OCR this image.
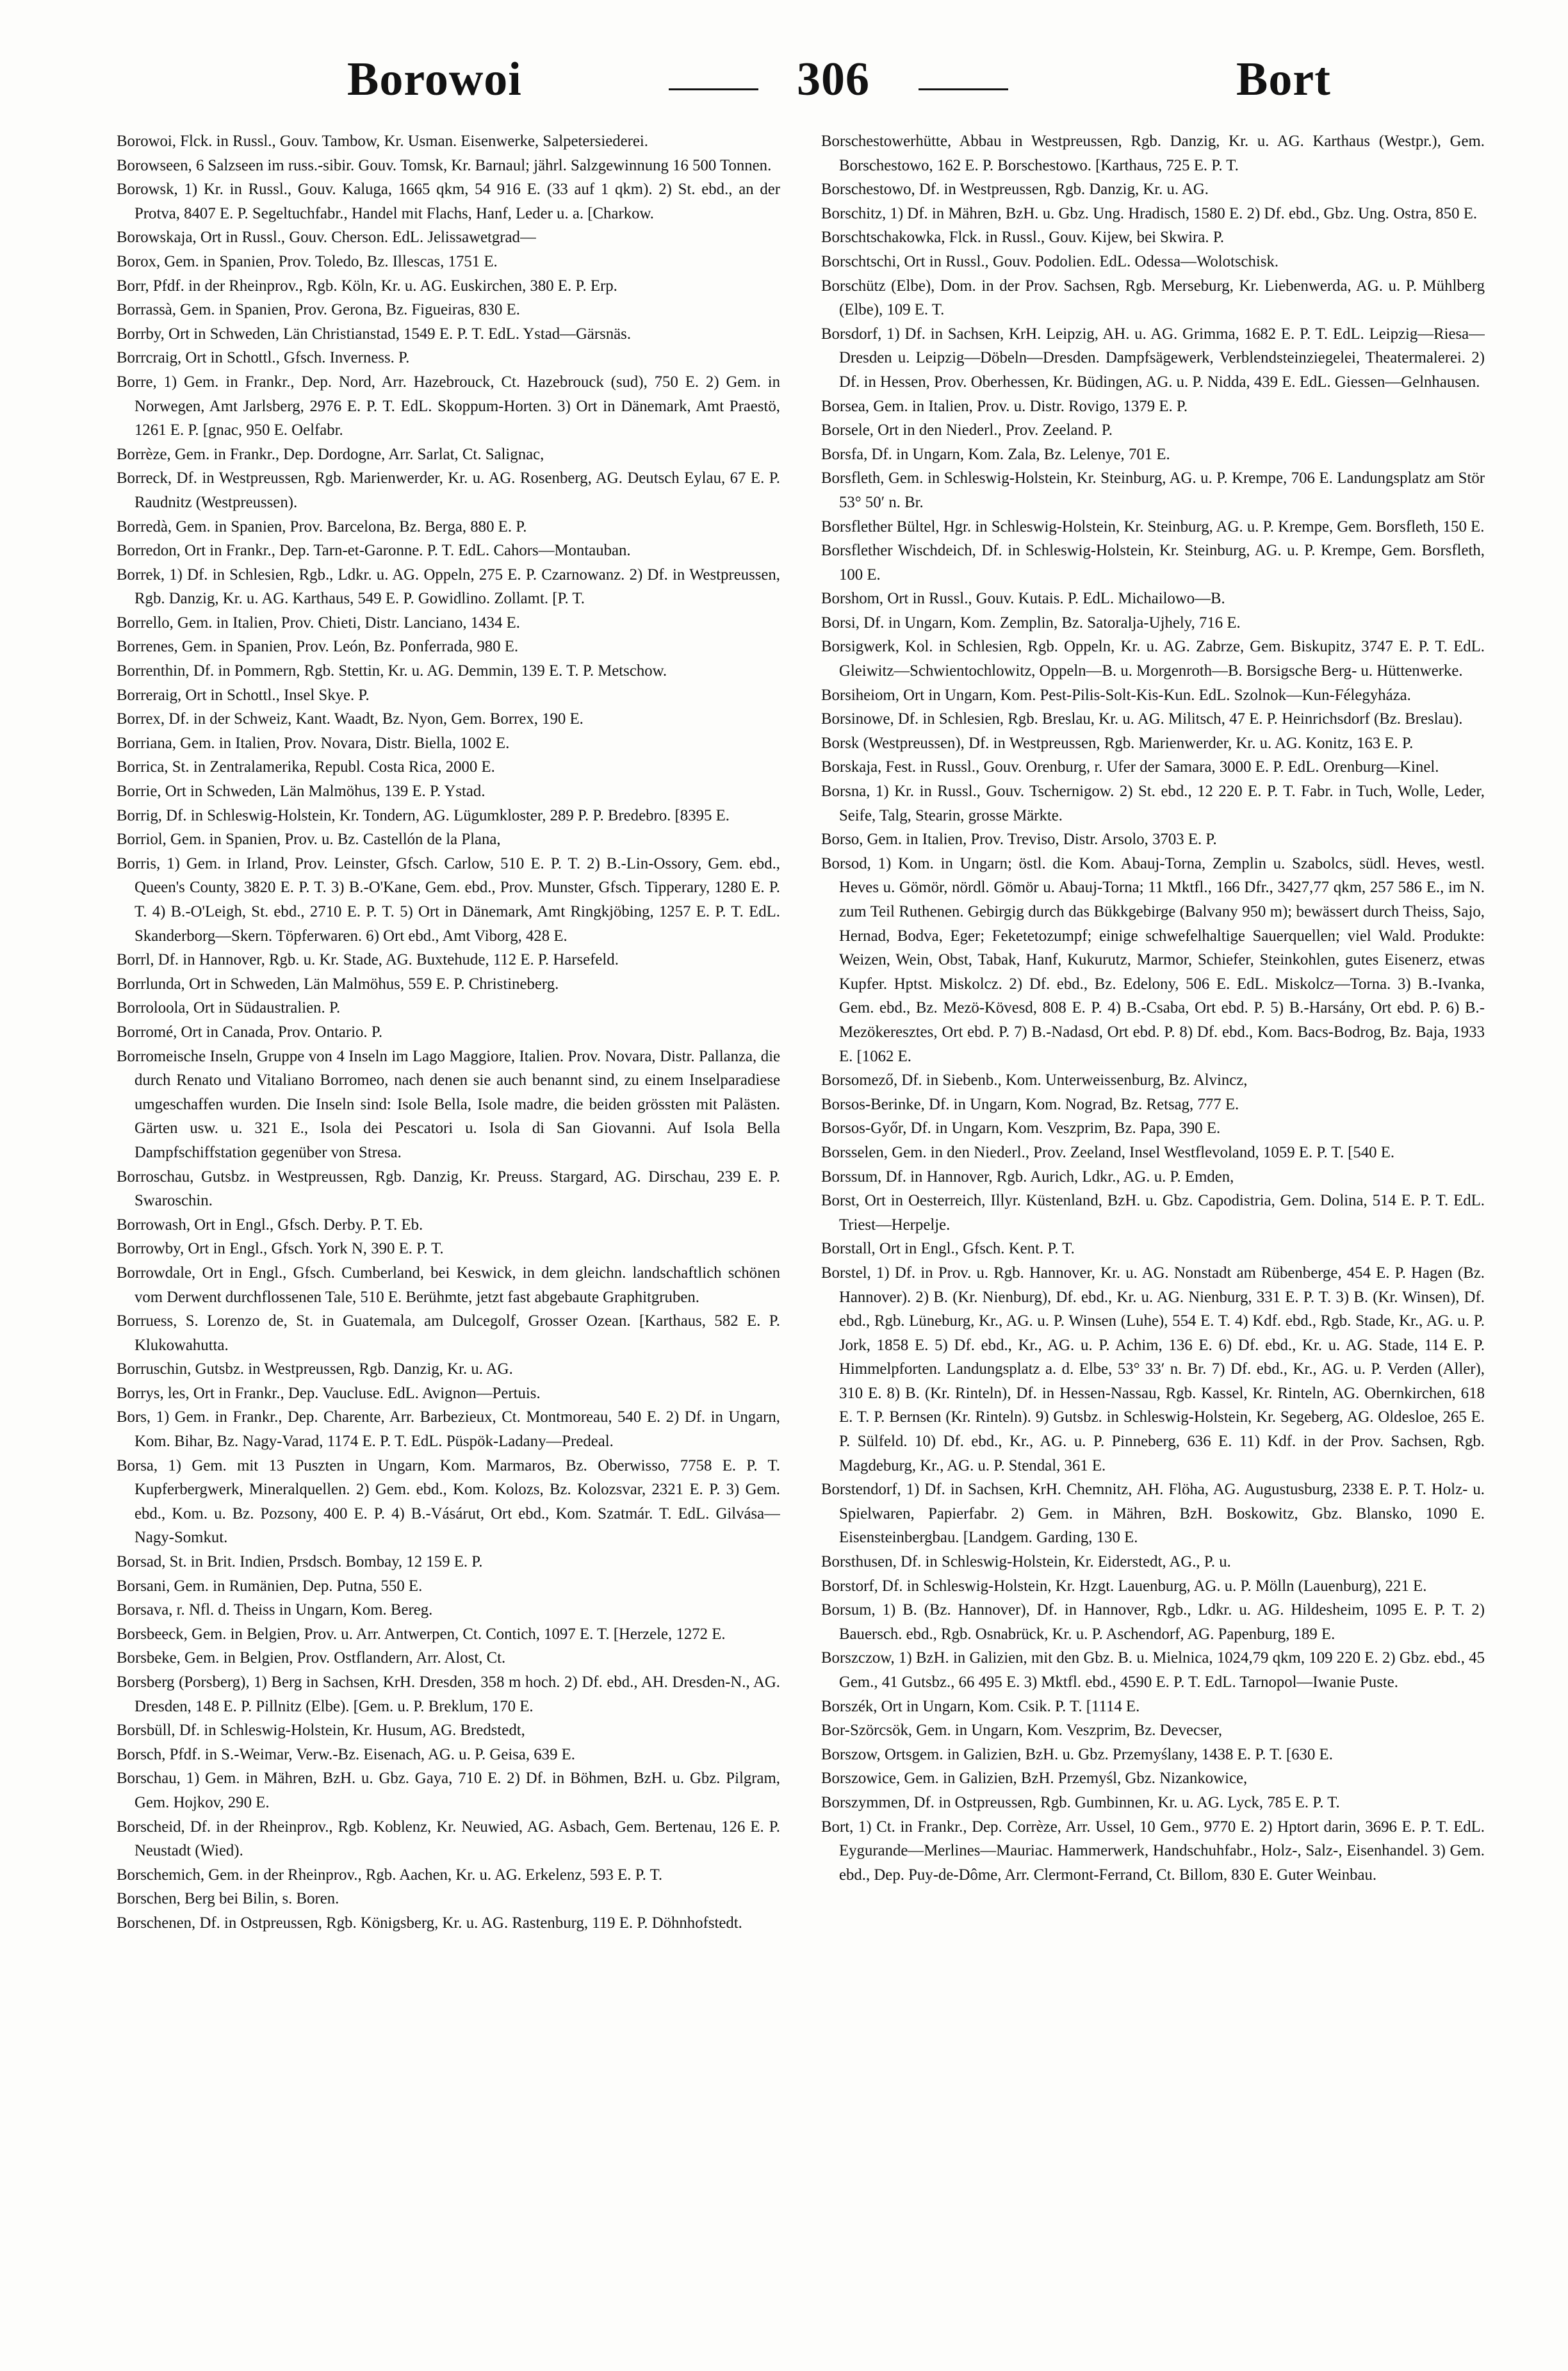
Borowoi	306	Bort

Borowoi, Flck. in Russl., Gouv. Tambow, Kr. Usman. Eisenwerke, Salpetersiederei.

Borowseen, 6 Salzseen im russ.-sibir. Gouv. Tomsk, Kr. Barnaul; jährl. Salzgewinnung 16 500 Tonnen.

Borowsk, 1) Kr. in Russl., Gouv. Kaluga, 1665 qkm, 54 916 E. (33 auf 1 qkm). 2) St. ebd., an der Protva, 8407 E. P. Segeltuchfabr., Handel mit Flachs, Hanf, Leder u. a. [Charkow.

Borowskaja, Ort in Russl., Gouv. Cherson. EdL. Jelissawetgrad—

Borox, Gem. in Spanien, Prov. Toledo, Bz. Illescas, 1751 E.

Borr, Pfdf. in der Rheinprov., Rgb. Köln, Kr. u. AG. Euskirchen, 380 E. P. Erp.

Borrassà, Gem. in Spanien, Prov. Gerona, Bz. Figueiras, 830 E.

Borrby, Ort in Schweden, Län Christianstad, 1549 E. P. T. EdL. Ystad—Gärsnäs.

Borrcraig, Ort in Schottl., Gfsch. Inverness. P.

Borre, 1) Gem. in Frankr., Dep. Nord, Arr. Hazebrouck, Ct. Hazebrouck (sud), 750 E. 2) Gem. in Norwegen, Amt Jarlsberg, 2976 E. P. T. EdL. Skoppum-Horten. 3) Ort in Dänemark, Amt Praestö, 1261 E. P. [gnac, 950 E. Oelfabr.

Borrèze, Gem. in Frankr., Dep. Dordogne, Arr. Sarlat, Ct. Salignac,

Borreck, Df. in Westpreussen, Rgb. Marienwerder, Kr. u. AG. Rosenberg, AG. Deutsch Eylau, 67 E. P. Raudnitz (Westpreussen).

Borredà, Gem. in Spanien, Prov. Barcelona, Bz. Berga, 880 E. P.

Borredon, Ort in Frankr., Dep. Tarn-et-Garonne. P. T. EdL. Cahors—Montauban.

Borrek, 1) Df. in Schlesien, Rgb., Ldkr. u. AG. Oppeln, 275 E. P. Czarnowanz. 2) Df. in Westpreussen, Rgb. Danzig, Kr. u. AG. Karthaus, 549 E. P. Gowidlino. Zollamt. [P. T.

Borrello, Gem. in Italien, Prov. Chieti, Distr. Lanciano, 1434 E.

Borrenes, Gem. in Spanien, Prov. León, Bz. Ponferrada, 980 E.

Borrenthin, Df. in Pommern, Rgb. Stettin, Kr. u. AG. Demmin, 139 E. T. P. Metschow.

Borreraig, Ort in Schottl., Insel Skye. P.

Borrex, Df. in der Schweiz, Kant. Waadt, Bz. Nyon, Gem. Borrex, 190 E.

Borriana, Gem. in Italien, Prov. Novara, Distr. Biella, 1002 E.

Borrica, St. in Zentralamerika, Republ. Costa Rica, 2000 E.

Borrie, Ort in Schweden, Län Malmöhus, 139 E. P. Ystad.

Borrig, Df. in Schleswig-Holstein, Kr. Tondern, AG. Lügumkloster, 289 P. P. Bredebro. [8395 E.

Borriol, Gem. in Spanien, Prov. u. Bz. Castellón de la Plana,

Borris, 1) Gem. in Irland, Prov. Leinster, Gfsch. Carlow, 510 E. P. T. 2) B.-Lin-Ossory, Gem. ebd., Queen's County, 3820 E. P. T. 3) B.-O'Kane, Gem. ebd., Prov. Munster, Gfsch. Tipperary, 1280 E. P. T. 4) B.-O'Leigh, St. ebd., 2710 E. P. T. 5) Ort in Dänemark, Amt Ringkjöbing, 1257 E. P. T. EdL. Skanderborg—Skern. Töpferwaren. 6) Ort ebd., Amt Viborg, 428 E.

Borrl, Df. in Hannover, Rgb. u. Kr. Stade, AG. Buxtehude, 112 E. P. Harsefeld.

Borrlunda, Ort in Schweden, Län Malmöhus, 559 E. P. Christineberg.

Borroloola, Ort in Südaustralien. P.

Borromé, Ort in Canada, Prov. Ontario. P.

Borromeische Inseln, Gruppe von 4 Inseln im Lago Maggiore, Italien. Prov. Novara, Distr. Pallanza, die durch Renato und Vitaliano Borromeo, nach denen sie auch benannt sind, zu einem Inselparadiese umgeschaffen wurden. Die Inseln sind: Isole Bella, Isole madre, die beiden grössten mit Palästen. Gärten usw. u. 321 E., Isola dei Pescatori u. Isola di San Giovanni. Auf Isola Bella Dampfschiffstation gegenüber von Stresa.

Borroschau, Gutsbz. in Westpreussen, Rgb. Danzig, Kr. Preuss. Stargard, AG. Dirschau, 239 E. P. Swaroschin.

Borrowash, Ort in Engl., Gfsch. Derby. P. T. Eb.

Borrowby, Ort in Engl., Gfsch. York N, 390 E. P. T.

Borrowdale, Ort in Engl., Gfsch. Cumberland, bei Keswick, in dem gleichn. landschaftlich schönen vom Derwent durchflossenen Tale, 510 E. Berühmte, jetzt fast abgebaute Graphitgruben.

Borruess, S. Lorenzo de, St. in Guatemala, am Dulcegolf, Grosser Ozean. [Karthaus, 582 E. P. Klukowahutta.

Borruschin, Gutsbz. in Westpreussen, Rgb. Danzig, Kr. u. AG.

Borrys, les, Ort in Frankr., Dep. Vaucluse. EdL. Avignon—Pertuis.

Bors, 1) Gem. in Frankr., Dep. Charente, Arr. Barbezieux, Ct. Montmoreau, 540 E. 2) Df. in Ungarn, Kom. Bihar, Bz. Nagy-Varad, 1174 E. P. T. EdL. Püspök-Ladany—Predeal.

Borsa, 1) Gem. mit 13 Puszten in Ungarn, Kom. Marmaros, Bz. Oberwisso, 7758 E. P. T. Kupferbergwerk, Mineralquellen. 2) Gem. ebd., Kom. Kolozs, Bz. Kolozsvar, 2321 E. P. 3) Gem. ebd., Kom. u. Bz. Pozsony, 400 E. P. 4) B.-Vásárut, Ort ebd., Kom. Szatmár. T. EdL. Gilvása—Nagy-Somkut.

Borsad, St. in Brit. Indien, Prsdsch. Bombay, 12 159 E. P.

Borsani, Gem. in Rumänien, Dep. Putna, 550 E.

Borsava, r. Nfl. d. Theiss in Ungarn, Kom. Bereg.

Borsbeeck, Gem. in Belgien, Prov. u. Arr. Antwerpen, Ct. Contich, 1097 E. T. [Herzele, 1272 E.

Borsbeke, Gem. in Belgien, Prov. Ostflandern, Arr. Alost, Ct.

Borsberg (Porsberg), 1) Berg in Sachsen, KrH. Dresden, 358 m hoch. 2) Df. ebd., AH. Dresden-N., AG. Dresden, 148 E. P. Pillnitz (Elbe). [Gem. u. P. Breklum, 170 E.

Borsbüll, Df. in Schleswig-Holstein, Kr. Husum, AG. Bredstedt,

Borsch, Pfdf. in S.-Weimar, Verw.-Bz. Eisenach, AG. u. P. Geisa, 639 E.

Borschau, 1) Gem. in Mähren, BzH. u. Gbz. Gaya, 710 E. 2) Df. in Böhmen, BzH. u. Gbz. Pilgram, Gem. Hojkov, 290 E.

Borscheid, Df. in der Rheinprov., Rgb. Koblenz, Kr. Neuwied, AG. Asbach, Gem. Bertenau, 126 E. P. Neustadt (Wied).

Borschemich, Gem. in der Rheinprov., Rgb. Aachen, Kr. u. AG. Erkelenz, 593 E. P. T.

Borschen, Berg bei Bilin, s. Boren.

Borschenen, Df. in Ostpreussen, Rgb. Königsberg, Kr. u. AG. Rastenburg, 119 E. P. Döhnhofstedt.

Borschestowerhütte, Abbau in Westpreussen, Rgb. Danzig, Kr. u. AG. Karthaus (Westpr.), Gem. Borschestowo, 162 E. P. Borschestowo. [Karthaus, 725 E. P. T.

Borschestowo, Df. in Westpreussen, Rgb. Danzig, Kr. u. AG.

Borschitz, 1) Df. in Mähren, BzH. u. Gbz. Ung. Hradisch, 1580 E. 2) Df. ebd., Gbz. Ung. Ostra, 850 E.

Borschtschakowka, Flck. in Russl., Gouv. Kijew, bei Skwira. P.

Borschtschi, Ort in Russl., Gouv. Podolien. EdL. Odessa—Wolotschisk.

Borschütz (Elbe), Dom. in der Prov. Sachsen, Rgb. Merseburg, Kr. Liebenwerda, AG. u. P. Mühlberg (Elbe), 109 E. T.

Borsdorf, 1) Df. in Sachsen, KrH. Leipzig, AH. u. AG. Grimma, 1682 E. P. T. EdL. Leipzig—Riesa—Dresden u. Leipzig—Döbeln—Dresden. Dampfsägewerk, Verblendsteinziegelei, Theatermalerei. 2) Df. in Hessen, Prov. Oberhessen, Kr. Büdingen, AG. u. P. Nidda, 439 E. EdL. Giessen—Gelnhausen.

Borsea, Gem. in Italien, Prov. u. Distr. Rovigo, 1379 E. P.

Borsele, Ort in den Niederl., Prov. Zeeland. P.

Borsfa, Df. in Ungarn, Kom. Zala, Bz. Lelenye, 701 E.

Borsfleth, Gem. in Schleswig-Holstein, Kr. Steinburg, AG. u. P. Krempe, 706 E. Landungsplatz am Stör 53° 50′ n. Br.

Borsflether Bültel, Hgr. in Schleswig-Holstein, Kr. Steinburg, AG. u. P. Krempe, Gem. Borsfleth, 150 E.

Borsflether Wischdeich, Df. in Schleswig-Holstein, Kr. Steinburg, AG. u. P. Krempe, Gem. Borsfleth, 100 E.

Borshom, Ort in Russl., Gouv. Kutais. P. EdL. Michailowo—B.

Borsi, Df. in Ungarn, Kom. Zemplin, Bz. Satoralja-Ujhely, 716 E.

Borsigwerk, Kol. in Schlesien, Rgb. Oppeln, Kr. u. AG. Zabrze, Gem. Biskupitz, 3747 E. P. T. EdL. Gleiwitz—Schwientochlowitz, Oppeln—B. u. Morgenroth—B. Borsigsche Berg- u. Hüttenwerke.

Borsiheiom, Ort in Ungarn, Kom. Pest-Pilis-Solt-Kis-Kun. EdL. Szolnok—Kun-Félegyháza.

Borsinowe, Df. in Schlesien, Rgb. Breslau, Kr. u. AG. Militsch, 47 E. P. Heinrichsdorf (Bz. Breslau).

Borsk (Westpreussen), Df. in Westpreussen, Rgb. Marienwerder, Kr. u. AG. Konitz, 163 E. P.

Borskaja, Fest. in Russl., Gouv. Orenburg, r. Ufer der Samara, 3000 E. P. EdL. Orenburg—Kinel.

Borsna, 1) Kr. in Russl., Gouv. Tschernigow. 2) St. ebd., 12 220 E. P. T. Fabr. in Tuch, Wolle, Leder, Seife, Talg, Stearin, grosse Märkte.

Borso, Gem. in Italien, Prov. Treviso, Distr. Arsolo, 3703 E. P.

Borsod, 1) Kom. in Ungarn; östl. die Kom. Abauj-Torna, Zemplin u. Szabolcs, südl. Heves, westl. Heves u. Gömör, nördl. Gömör u. Abauj-Torna; 11 Mktfl., 166 Dfr., 3427,77 qkm, 257 586 E., im N. zum Teil Ruthenen. Gebirgig durch das Bükkgebirge (Balvany 950 m); bewässert durch Theiss, Sajo, Hernad, Bodva, Eger; Feketetozumpf; einige schwefelhaltige Sauerquellen; viel Wald. Produkte: Weizen, Wein, Obst, Tabak, Hanf, Kukurutz, Marmor, Schiefer, Steinkohlen, gutes Eisenerz, etwas Kupfer. Hptst. Miskolcz. 2) Df. ebd., Bz. Edelony, 506 E. EdL. Miskolcz—Torna. 3) B.-Ivanka, Gem. ebd., Bz. Mezö-Kövesd, 808 E. P. 4) B.-Csaba, Ort ebd. P. 5) B.-Harsány, Ort ebd. P. 6) B.-Mezökeresztes, Ort ebd. P. 7) B.-Nadasd, Ort ebd. P. 8) Df. ebd., Kom. Bacs-Bodrog, Bz. Baja, 1933 E. [1062 E.

Borsomező, Df. in Siebenb., Kom. Unterweissenburg, Bz. Alvincz,

Borsos-Berinke, Df. in Ungarn, Kom. Nograd, Bz. Retsag, 777 E.

Borsos-Győr, Df. in Ungarn, Kom. Veszprim, Bz. Papa, 390 E.

Borsselen, Gem. in den Niederl., Prov. Zeeland, Insel Westflevoland, 1059 E. P. T. [540 E.

Borssum, Df. in Hannover, Rgb. Aurich, Ldkr., AG. u. P. Emden,

Borst, Ort in Oesterreich, Illyr. Küstenland, BzH. u. Gbz. Capodistria, Gem. Dolina, 514 E. P. T. EdL. Triest—Herpelje.

Borstall, Ort in Engl., Gfsch. Kent. P. T.

Borstel, 1) Df. in Prov. u. Rgb. Hannover, Kr. u. AG. Nonstadt am Rübenberge, 454 E. P. Hagen (Bz. Hannover). 2) B. (Kr. Nienburg), Df. ebd., Kr. u. AG. Nienburg, 331 E. P. T. 3) B. (Kr. Winsen), Df. ebd., Rgb. Lüneburg, Kr., AG. u. P. Winsen (Luhe), 554 E. T. 4) Kdf. ebd., Rgb. Stade, Kr., AG. u. P. Jork, 1858 E. 5) Df. ebd., Kr., AG. u. P. Achim, 136 E. 6) Df. ebd., Kr. u. AG. Stade, 114 E. P. Himmelpforten. Landungsplatz a. d. Elbe, 53° 33′ n. Br. 7) Df. ebd., Kr., AG. u. P. Verden (Aller), 310 E. 8) B. (Kr. Rinteln), Df. in Hessen-Nassau, Rgb. Kassel, Kr. Rinteln, AG. Obernkirchen, 618 E. T. P. Bernsen (Kr. Rinteln). 9) Gutsbz. in Schleswig-Holstein, Kr. Segeberg, AG. Oldesloe, 265 E. P. Sülfeld. 10) Df. ebd., Kr., AG. u. P. Pinneberg, 636 E. 11) Kdf. in der Prov. Sachsen, Rgb. Magdeburg, Kr., AG. u. P. Stendal, 361 E.

Borstendorf, 1) Df. in Sachsen, KrH. Chemnitz, AH. Flöha, AG. Augustusburg, 2338 E. P. T. Holz- u. Spielwaren, Papierfabr. 2) Gem. in Mähren, BzH. Boskowitz, Gbz. Blansko, 1090 E. Eisensteinbergbau. [Landgem. Garding, 130 E.

Borsthusen, Df. in Schleswig-Holstein, Kr. Eiderstedt, AG., P. u.

Borstorf, Df. in Schleswig-Holstein, Kr. Hzgt. Lauenburg, AG. u. P. Mölln (Lauenburg), 221 E.

Borsum, 1) B. (Bz. Hannover), Df. in Hannover, Rgb., Ldkr. u. AG. Hildesheim, 1095 E. P. T. 2) Bauersch. ebd., Rgb. Osnabrück, Kr. u. P. Aschendorf, AG. Papenburg, 189 E.

Borszczow, 1) BzH. in Galizien, mit den Gbz. B. u. Mielnica, 1024,79 qkm, 109 220 E. 2) Gbz. ebd., 45 Gem., 41 Gutsbz., 66 495 E. 3) Mktfl. ebd., 4590 E. P. T. EdL. Tarnopol—Iwanie Puste.

Borszék, Ort in Ungarn, Kom. Csik. P. T. [1114 E.

Bor-Szörcsök, Gem. in Ungarn, Kom. Veszprim, Bz. Devecser,

Borszow, Ortsgem. in Galizien, BzH. u. Gbz. Przemyślany, 1438 E. P. T. [630 E.

Borszowice, Gem. in Galizien, BzH. Przemyśl, Gbz. Nizankowice,

Borszymmen, Df. in Ostpreussen, Rgb. Gumbinnen, Kr. u. AG. Lyck, 785 E. P. T.

Bort, 1) Ct. in Frankr., Dep. Corrèze, Arr. Ussel, 10 Gem., 9770 E. 2) Hptort darin, 3696 E. P. T. EdL. Eygurande—Merlines—Mauriac. Hammerwerk, Handschuhfabr., Holz-, Salz-, Eisenhandel. 3) Gem. ebd., Dep. Puy-de-Dôme, Arr. Clermont-Ferrand, Ct. Billom, 830 E. Guter Weinbau.
